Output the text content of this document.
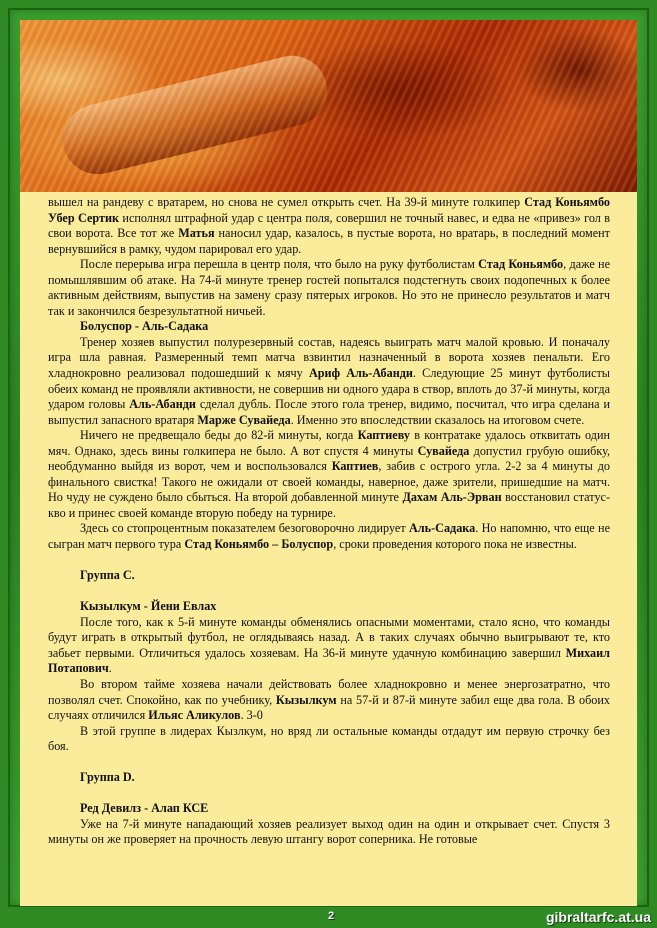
вышел на рандеву с вратарем, но снова не сумел открыть счет. На 39-й минуте голкипер Стад Коньямбо Убер Сертик исполнял штрафной удар с центра поля, совершил не точный навес, и едва не «привез» гол в свои ворота. Все тот же Матья наносил удар, казалось, в пустые ворота, но вратарь, в последний момент вернувшийся в рамку, чудом парировал его удар.

После перерыва игра перешла в центр поля, что было на руку футболистам Стад Коньямбо, даже не помышлявшим об атаке. На 74-й минуте тренер гостей попытался подстегнуть своих подопечных к более активным действиям, выпустив на замену сразу пятерых игроков. Но это не принесло результатов и матч так и закончился безрезультатной ничьей.

Болуспор - Аль-Садака

Тренер хозяев выпустил полурезервный состав, надеясь выиграть матч малой кровью. И поначалу игра шла равная. Размеренный темп матча взвинтил назначенный в ворота хозяев пенальти. Его хладнокровно реализовал подошедший к мячу Ариф Аль-Абанди. Следующие 25 минут футболисты обеих команд не проявляли активности, не совершив ни одного удара в створ, вплоть до 37-й минуты, когда ударом головы Аль-Абанди сделал дубль. После этого гола тренер, видимо, посчитал, что игра сделана и выпустил запасного вратаря Марже Сувайеда. Именно это впоследствии сказалось на итоговом счете.

Ничего не предвещало беды до 82-й минуты, когда Каптиеву в контратаке удалось отквитать один мяч. Однако, здесь вины голкипера не было. А вот спустя 4 минуты Сувайеда допустил грубую ошибку, необдуманно выйдя из ворот, чем и воспользовался Каптиев, забив с острого угла. 2-2 за 4 минуты до финального свистка! Такого не ожидали от своей команды, наверное, даже зрители, пришедшие на матч. Но чуду не суждено было сбыться. На второй добавленной минуте Дахам Аль-Эрван восстановил статус-кво и принес своей команде вторую победу на турнире.

Здесь со стопроцентным показателем безоговорочно лидирует Аль-Садака. Но напомню, что еще не сыгран матч первого тура Стад Коньямбо – Болуспор, сроки проведения которого пока не известны.

Группа С.

Кызылкум - Йени Евлах

После того, как к 5-й минуте команды обменялись опасными моментами, стало ясно, что команды будут играть в открытый футбол, не оглядываясь назад. А в таких случаях обычно выигрывают те, кто забьет первыми. Отличиться удалось хозяевам. На 36-й минуте удачную комбинацию завершил Михаил Потапович.

Во втором тайме хозяева начали действовать более хладнокровно и менее энергозатратно, что позволял счет. Спокойно, как по учебнику, Кызылкум на 57-й и 87-й минуте забил еще два гола. В обоих случаях отличился Ильяс Аликулов. 3-0

В этой группе в лидерах Кызлкум, но вряд ли остальные команды отдадут им первую строчку без боя.

Группа D.

Ред Девилз - Алап КСЕ

Уже на 7-й минуте нападающий хозяев реализует выход один на один и открывает счет. Спустя 3 минуты он же проверяет на прочность левую штангу ворот соперника. Не готовые

2	gibraltarfc.at.ua
